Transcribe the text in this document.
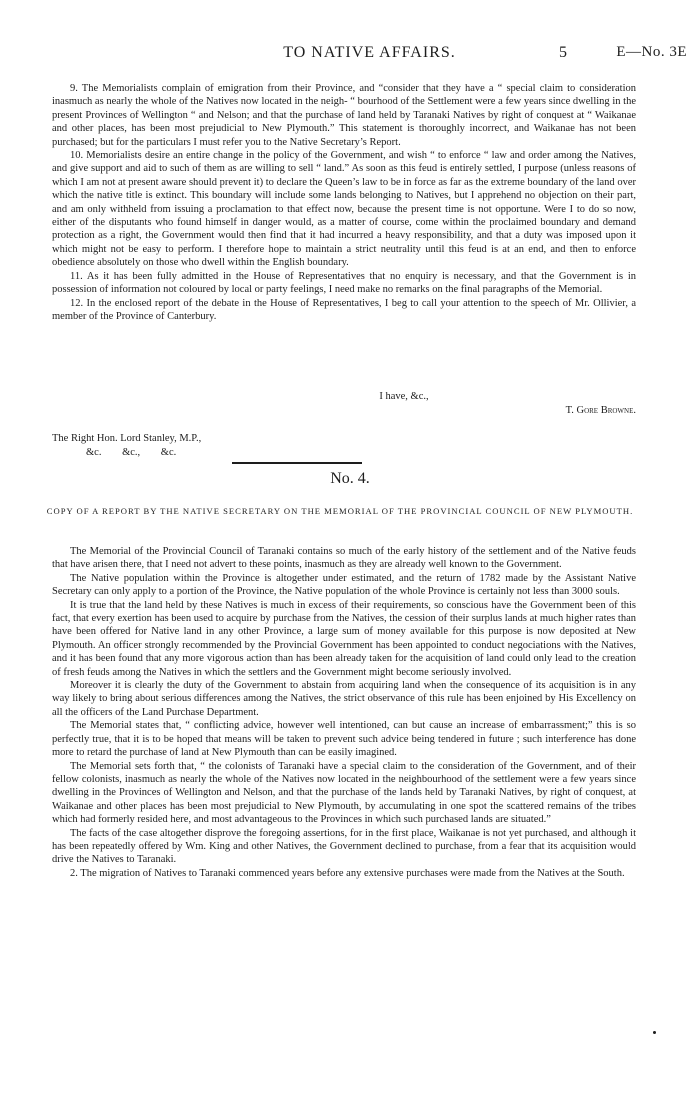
TO NATIVE AFFAIRS.	5	E—No. 3E

9. The Memorialists complain of emigration from their Province, and “consider that they have a “ special claim to consideration inasmuch as nearly the whole of the Natives now located in the neigh- “ bourhood of the Settlement were a few years since dwelling in the present Provinces of Wellington “ and Nelson; and that the purchase of land held by Taranaki Natives by right of conquest at “ Waikanae and other places, has been most prejudicial to New Plymouth.” This statement is thoroughly incorrect, and Waikanae has not been purchased; but for the particulars I must refer you to the Native Secretary’s Report.

10. Memorialists desire an entire change in the policy of the Government, and wish “ to enforce “ law and order among the Natives, and give support and aid to such of them as are willing to sell “ land.” As soon as this feud is entirely settled, I purpose (unless reasons of which I am not at present aware should prevent it) to declare the Queen’s law to be in force as far as the extreme boundary of the land over which the native title is extinct. This boundary will include some lands belonging to Natives, but I apprehend no objection on their part, and am only withheld from issuing a proclamation to that effect now, because the present time is not opportune. Were I to do so now, either of the disputants who found himself in danger would, as a matter of course, come within the proclaimed boundary and demand protection as a right, the Government would then find that it had incurred a heavy responsibility, and that a duty was imposed upon it which might not be easy to perform. I therefore hope to maintain a strict neutrality until this feud is at an end, and then to enforce obedience absolutely on those who dwell within the English boundary.

11. As it has been fully admitted in the House of Representatives that no enquiry is necessary, and that the Government is in possession of information not coloured by local or party feelings, I need make no remarks on the final paragraphs of the Memorial.

12. In the enclosed report of the debate in the House of Representatives, I beg to call your attention to the speech of Mr. Ollivier, a member of the Province of Canterbury.

I have, &c.,
T. Gore Browne.
The Right Hon. Lord Stanley, M.P.,
&c. &c., &c.
No. 4.
COPY OF A REPORT BY THE NATIVE SECRETARY ON THE MEMORIAL OF THE PROVINCIAL COUNCIL OF NEW PLYMOUTH.

The Memorial of the Provincial Council of Taranaki contains so much of the early history of the settlement and of the Native feuds that have arisen there, that I need not advert to these points, inasmuch as they are already well known to the Government.

The Native population within the Province is altogether under estimated, and the return of 1782 made by the Assistant Native Secretary can only apply to a portion of the Province, the Native population of the whole Province is certainly not less than 3000 souls.

It is true that the land held by these Natives is much in excess of their requirements, so conscious have the Government been of this fact, that every exertion has been used to acquire by purchase from the Natives, the cession of their surplus lands at much higher rates than have been offered for Native land in any other Province, a large sum of money available for this purpose is now deposited at New Plymouth. An officer strongly recommended by the Provincial Government has been appointed to conduct negociations with the Natives, and it has been found that any more vigorous action than has been already taken for the acquisition of land could only lead to the creation of fresh feuds among the Natives in which the settlers and the Government might become seriously involved.

Moreover it is clearly the duty of the Government to abstain from acquiring land when the consequence of its acquisition is in any way likely to bring about serious differences among the Natives, the strict observance of this rule has been enjoined by His Excellency on all the officers of the Land Purchase Department.

The Memorial states that, “ conflicting advice, however well intentioned, can but cause an increase of embarrassment;” this is so perfectly true, that it is to be hoped that means will be taken to prevent such advice being tendered in future ; such interference has done more to retard the purchase of land at New Plymouth than can be easily imagined.

The Memorial sets forth that, “ the colonists of Taranaki have a special claim to the consideration of the Government, and of their fellow colonists, inasmuch as nearly the whole of the Natives now located in the neighbourhood of the settlement were a few years since dwelling in the Provinces of Wellington and Nelson, and that the purchase of the lands held by Taranaki Natives, by right of conquest, at Waikanae and other places has been most prejudicial to New Plymouth, by accumulating in one spot the scattered remains of the tribes which had formerly resided here, and most advantageous to the Provinces in which such purchased lands are situated.”

The facts of the case altogether disprove the foregoing assertions, for in the first place, Waikanae is not yet purchased, and although it has been repeatedly offered by Wm. King and other Natives, the Government declined to purchase, from a fear that its acquisition would drive the Natives to Taranaki.

2. The migration of Natives to Taranaki commenced years before any extensive purchases were made from the Natives at the South.
